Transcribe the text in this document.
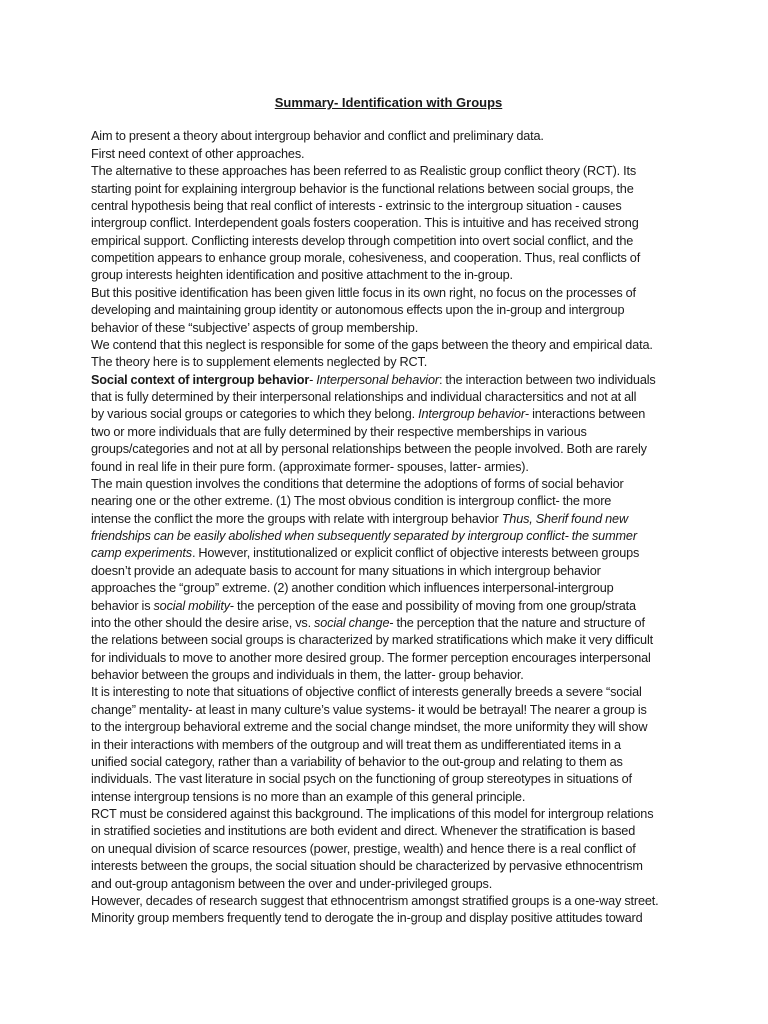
Summary- Identification with Groups
Aim to present a theory about intergroup behavior and conflict and preliminary data.
First need context of other approaches.
The alternative to these approaches has been referred to as Realistic group conflict theory (RCT). Its
starting point for explaining intergroup behavior is the functional relations between social groups, the
central hypothesis being that real conflict of interests - extrinsic to the intergroup situation - causes
intergroup conflict. Interdependent goals fosters cooperation. This is intuitive and has received strong
empirical support. Conflicting interests develop through competition into overt social conflict, and the
competition appears to enhance group morale, cohesiveness, and cooperation. Thus, real conflicts of
group interests heighten identification and positive attachment to the in-group.
But this positive identification has been given little focus in its own right, no focus on the processes of
developing and maintaining group identity or autonomous effects upon the in-group and intergroup
behavior of these “subjective’ aspects of group membership.
We contend that this neglect is responsible for some of the gaps between the theory and empirical data.
The theory here is to supplement elements neglected by RCT.
Social context of intergroup behavior- Interpersonal behavior: the interaction between two individuals
that is fully determined by their interpersonal relationships and individual charactersitics and not at all
by various social groups or categories to which they belong. Intergroup behavior- interactions between
two or more individuals that are fully determined by their respective memberships in various
groups/categories and not at all by personal relationships between the people involved. Both are rarely
found in real life in their pure form. (approximate former- spouses, latter- armies).
The main question involves the conditions that determine the adoptions of forms of social behavior
nearing one or the other extreme. (1) The most obvious condition is intergroup conflict- the more
intense the conflict the more the groups with relate with intergroup behavior Thus, Sherif found new
friendships can be easily abolished when subsequently separated by intergroup conflict- the summer
camp experiments. However, institutionalized or explicit conflict of objective interests between groups
doesn’t provide an adequate basis to account for many situations in which intergroup behavior
approaches the “group” extreme. (2) another condition which influences interpersonal-intergroup
behavior is social mobility- the perception of the ease and possibility of moving from one group/strata
into the other should the desire arise, vs. social change- the perception that the nature and structure of
the relations between social groups is characterized by marked stratifications which make it very difficult
for individuals to move to another more desired group. The former perception encourages interpersonal
behavior between the groups and individuals in them, the latter- group behavior.
It is interesting to note that situations of objective conflict of interests generally breeds a severe “social
change” mentality- at least in many culture’s value systems- it would be betrayal! The nearer a group is
to the intergroup behavioral extreme and the social change mindset, the more uniformity they will show
in their interactions with members of the outgroup and will treat them as undifferentiated items in a
unified social category, rather than a variability of behavior to the out-group and relating to them as
individuals. The vast literature in social psych on the functioning of group stereotypes in situations of
intense intergroup tensions is no more than an example of this general principle.
RCT must be considered against this background. The implications of this model for intergroup relations
in stratified societies and institutions are both evident and direct. Whenever the stratification is based
on unequal division of scarce resources (power, prestige, wealth) and hence there is a real conflict of
interests between the groups, the social situation should be characterized by pervasive ethnocentrism
and out-group antagonism between the over and under-privileged groups.
However, decades of research suggest that ethnocentrism amongst stratified groups is a one-way street.
Minority group members frequently tend to derogate the in-group and display positive attitudes toward
